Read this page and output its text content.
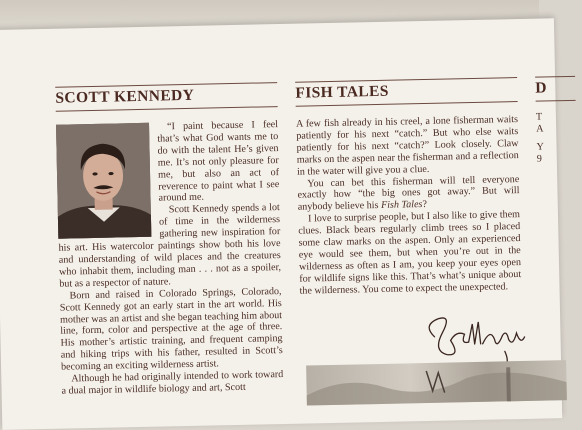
SCOTT KENNEDY

“I paint because I feel that’s what God wants me to do with the talent He’s given me. It’s not only pleasure for me, but also an act of reverence to paint what I see around me.

Scott Kennedy spends a lot of time in the wilderness gathering new inspiration for his art. His watercolor paintings show both his love and understanding of wild places and the creatures who inhabit them, including man . . . not as a spoiler, but as a respector of nature.

Born and raised in Colorado Springs, Colorado, Scott Kennedy got an early start in the art world. His mother was an artist and she began teaching him about line, form, color and perspective at the age of three. His mother’s artistic training, and frequent camping and hiking trips with his father, resulted in Scott’s becoming an exciting wilderness artist.

Although he had originally intended to work toward a dual major in wildlife biology and art, Scott

FISH TALES

A few fish already in his creel, a lone fisherman waits patiently for his next “catch.” But who else waits patiently for his next “catch?” Look closely. Claw marks on the aspen near the fisherman and a reflection in the water will give you a clue.

You can bet this fisherman will tell everyone exactly how “the big ones got away.” But will anybody believe his Fish Tales?

I love to surprise people, but I also like to give them clues. Black bears regularly climb trees so I placed some claw marks on the aspen. Only an experienced eye would see them, but when you’re out in the wilderness as often as I am, you keep your eyes open for wildlife signs like this. That’s what’s unique about the wilderness. You come to expect the unexpected.

D

T

A

Y

9
